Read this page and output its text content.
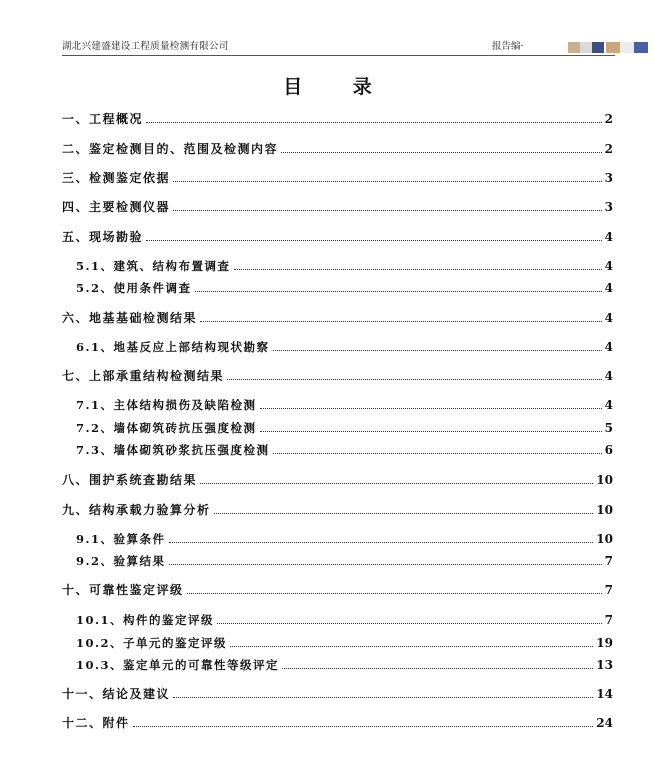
湖北兴建盛建设工程质量检测有限公司	报告编·
目 录
一、工程概况	2
二、鉴定检测目的、范围及检测内容	2
三、检测鉴定依据	3
四、主要检测仪器	3
五、现场勘验	4
5.1、建筑、结构布置调查	4
5.2、使用条件调查	4
六、地基基础检测结果	4
6.1、地基反应上部结构现状勘察	4
七、上部承重结构检测结果	4
7.1、主体结构损伤及缺陷检测	4
7.2、墙体砌筑砖抗压强度检测	5
7.3、墙体砌筑砂浆抗压强度检测	6
八、围护系统查勘结果	10
九、结构承载力验算分析	10
9.1、验算条件	10
9.2、验算结果	7
十、可靠性鉴定评级	7
10.1、构件的鉴定评级	7
10.2、子单元的鉴定评级	19
10.3、鉴定单元的可靠性等级评定	13
十一、结论及建议	14
十二、附件	24
